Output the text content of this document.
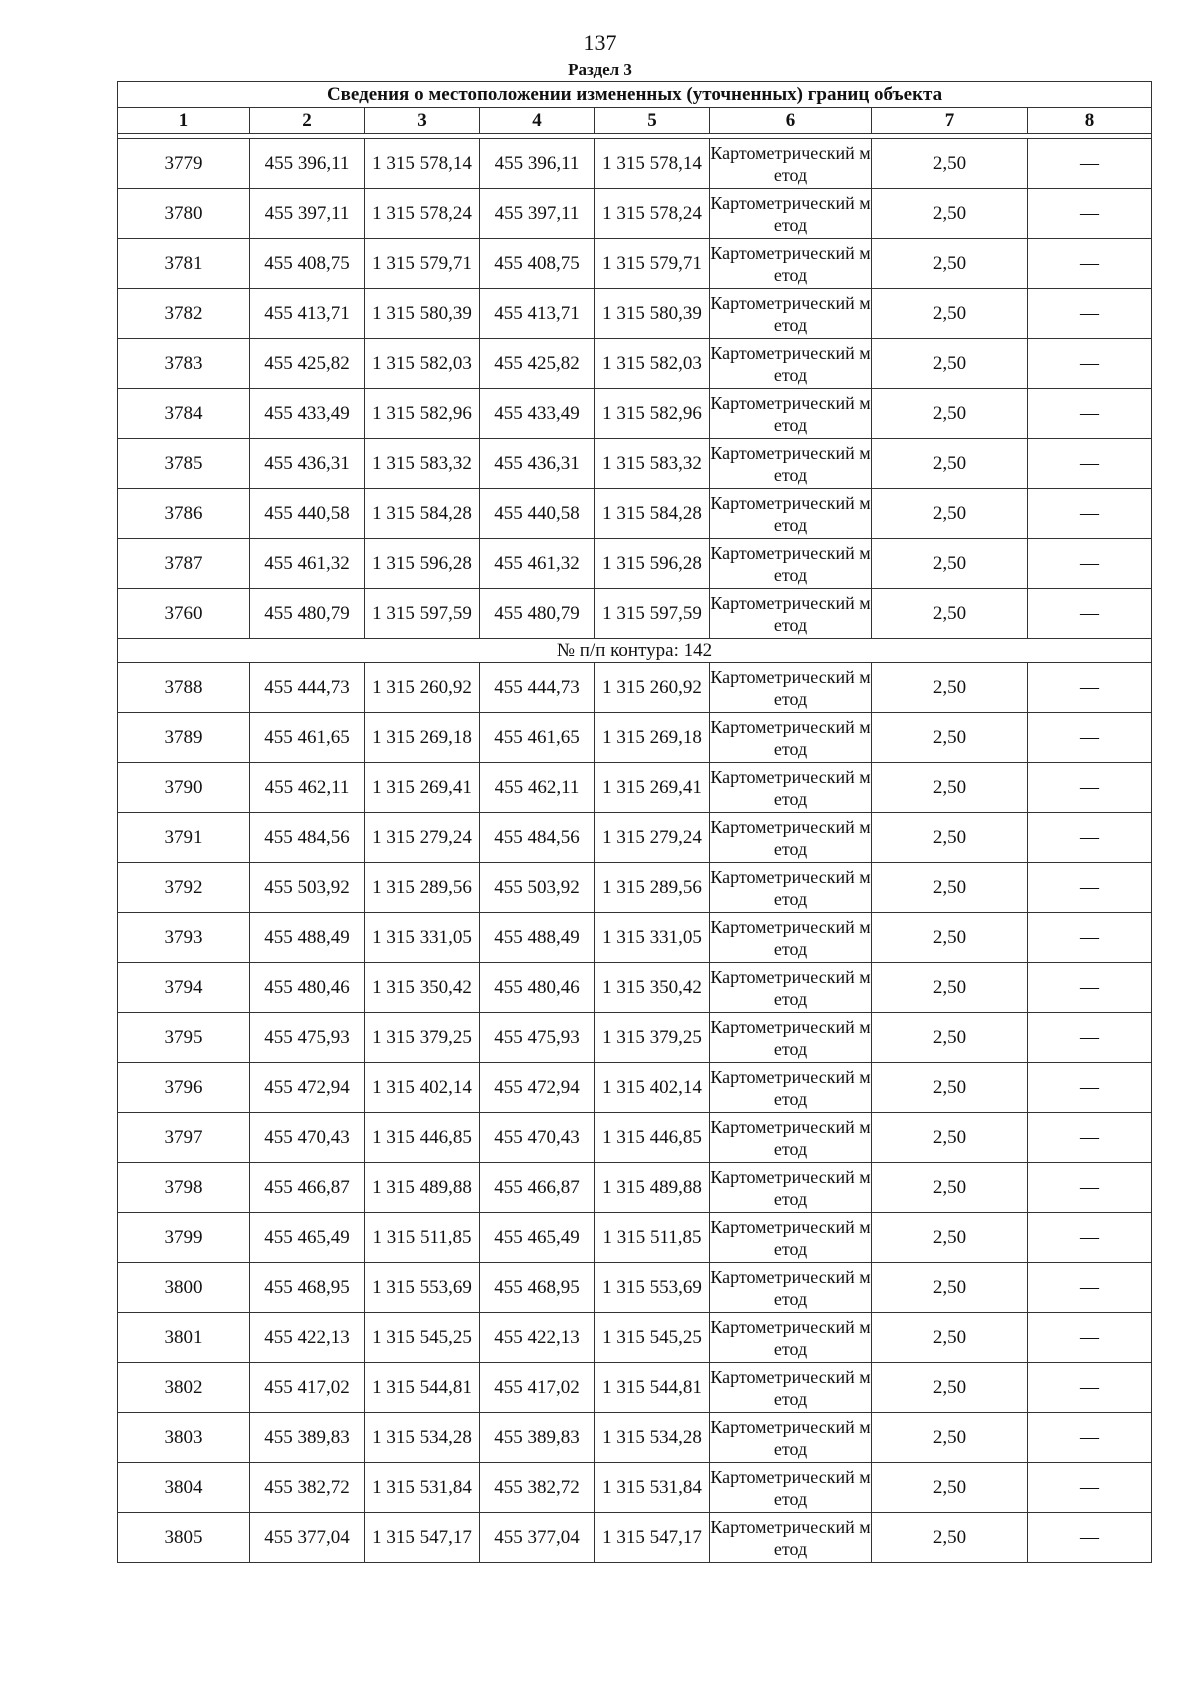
137
Раздел 3
Сведения о местоположении измененных (уточненных) границ объекта							
1	2	3	4	5	6	7	8

3779	455 396,11	1 315 578,14	455 396,11	1 315 578,14	Картометрический метод	2,50	—
3780	455 397,11	1 315 578,24	455 397,11	1 315 578,24	Картометрический метод	2,50	—
3781	455 408,75	1 315 579,71	455 408,75	1 315 579,71	Картометрический метод	2,50	—
3782	455 413,71	1 315 580,39	455 413,71	1 315 580,39	Картометрический метод	2,50	—
3783	455 425,82	1 315 582,03	455 425,82	1 315 582,03	Картометрический метод	2,50	—
3784	455 433,49	1 315 582,96	455 433,49	1 315 582,96	Картометрический метод	2,50	—
3785	455 436,31	1 315 583,32	455 436,31	1 315 583,32	Картометрический метод	2,50	—
3786	455 440,58	1 315 584,28	455 440,58	1 315 584,28	Картометрический метод	2,50	—
3787	455 461,32	1 315 596,28	455 461,32	1 315 596,28	Картометрический метод	2,50	—
3760	455 480,79	1 315 597,59	455 480,79	1 315 597,59	Картометрический метод	2,50	—
№ п/п контура: 142							
3788	455 444,73	1 315 260,92	455 444,73	1 315 260,92	Картометрический метод	2,50	—
3789	455 461,65	1 315 269,18	455 461,65	1 315 269,18	Картометрический метод	2,50	—
3790	455 462,11	1 315 269,41	455 462,11	1 315 269,41	Картометрический метод	2,50	—
3791	455 484,56	1 315 279,24	455 484,56	1 315 279,24	Картометрический метод	2,50	—
3792	455 503,92	1 315 289,56	455 503,92	1 315 289,56	Картометрический метод	2,50	—
3793	455 488,49	1 315 331,05	455 488,49	1 315 331,05	Картометрический метод	2,50	—
3794	455 480,46	1 315 350,42	455 480,46	1 315 350,42	Картометрический метод	2,50	—
3795	455 475,93	1 315 379,25	455 475,93	1 315 379,25	Картометрический метод	2,50	—
3796	455 472,94	1 315 402,14	455 472,94	1 315 402,14	Картометрический метод	2,50	—
3797	455 470,43	1 315 446,85	455 470,43	1 315 446,85	Картометрический метод	2,50	—
3798	455 466,87	1 315 489,88	455 466,87	1 315 489,88	Картометрический метод	2,50	—
3799	455 465,49	1 315 511,85	455 465,49	1 315 511,85	Картометрический метод	2,50	—
3800	455 468,95	1 315 553,69	455 468,95	1 315 553,69	Картометрический метод	2,50	—
3801	455 422,13	1 315 545,25	455 422,13	1 315 545,25	Картометрический метод	2,50	—
3802	455 417,02	1 315 544,81	455 417,02	1 315 544,81	Картометрический метод	2,50	—
3803	455 389,83	1 315 534,28	455 389,83	1 315 534,28	Картометрический метод	2,50	—
3804	455 382,72	1 315 531,84	455 382,72	1 315 531,84	Картометрический метод	2,50	—
3805	455 377,04	1 315 547,17	455 377,04	1 315 547,17	Картометрический метод	2,50	—
